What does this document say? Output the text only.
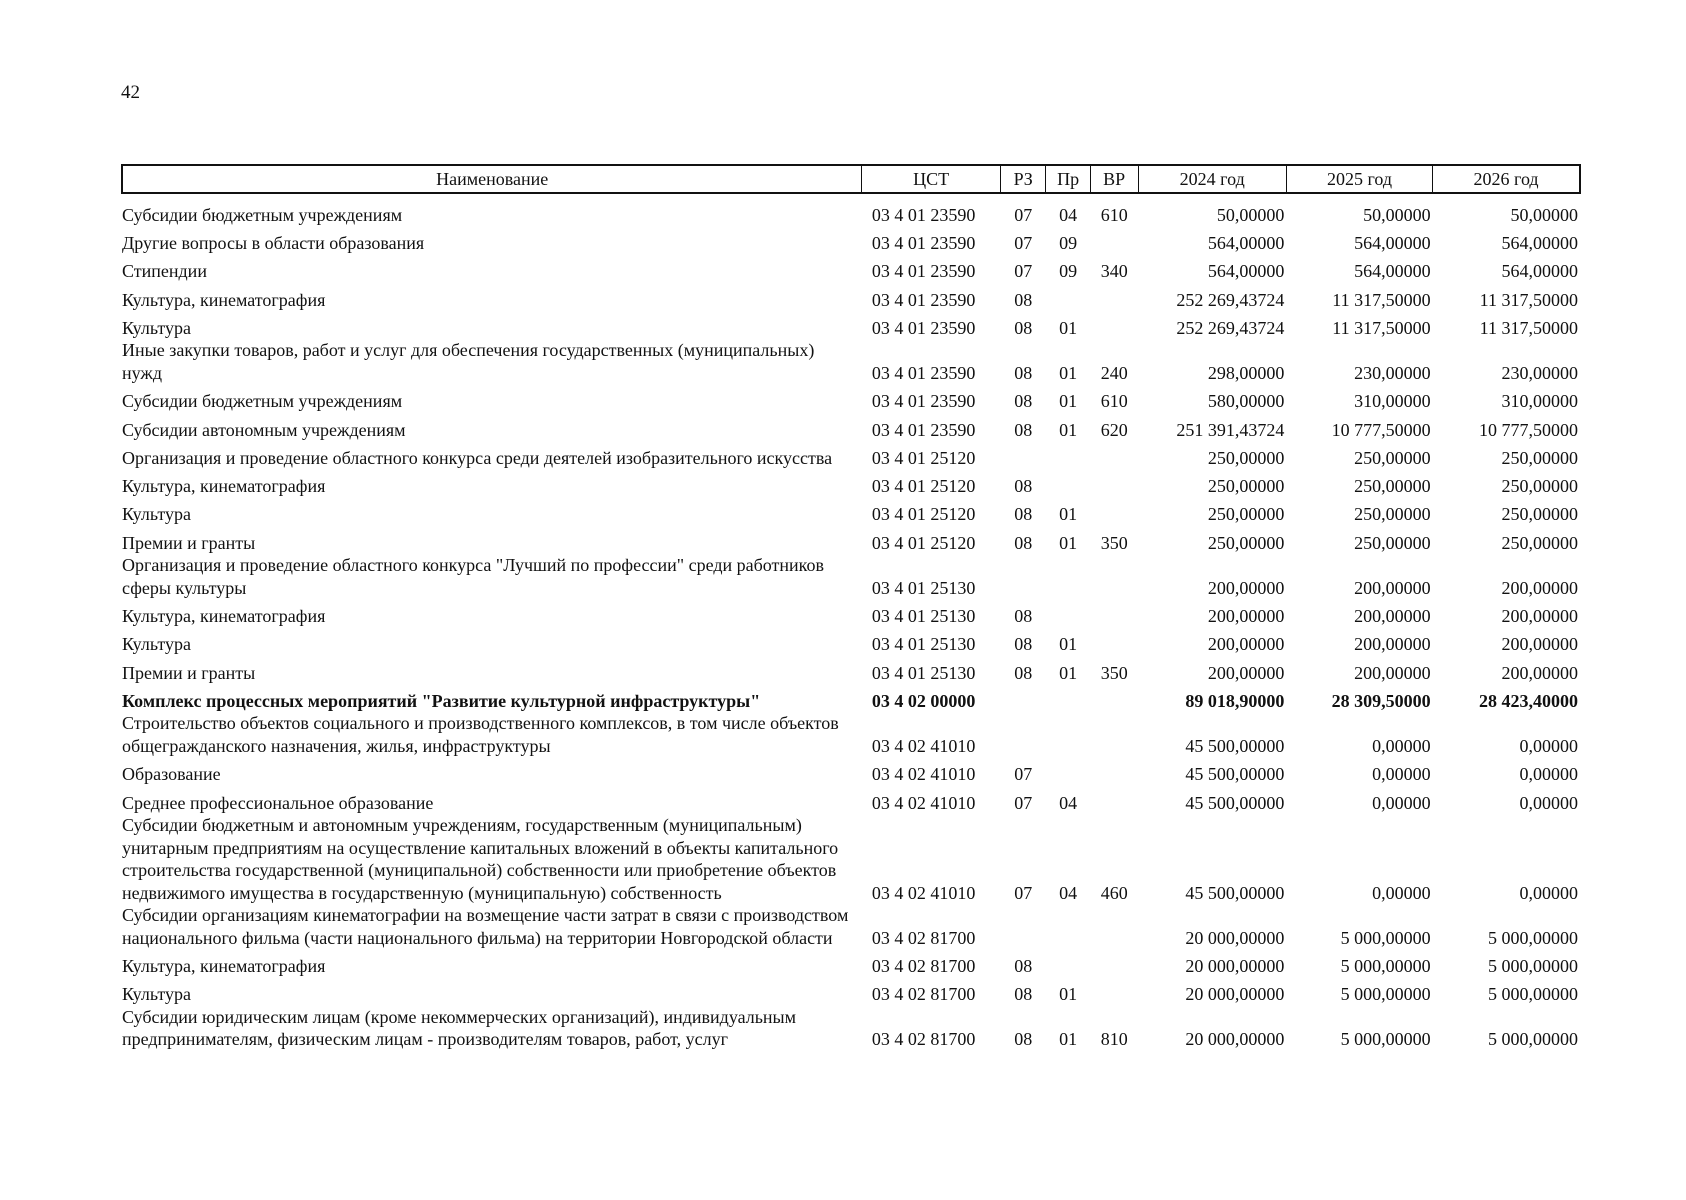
42
Наименование	ЦСТ	РЗ	Пр	ВР	2024 год	2025 год	2026 год
Субсидии бюджетным учреждениям	03 4 01 23590	07	04	610	50,00000	50,00000	50,00000
Другие вопросы в области образования	03 4 01 23590	07	09		564,00000	564,00000	564,00000
Стипендии	03 4 01 23590	07	09	340	564,00000	564,00000	564,00000
Культура, кинематография	03 4 01 23590	08			252 269,43724	11 317,50000	11 317,50000
Культура	03 4 01 23590	08	01		252 269,43724	11 317,50000	11 317,50000
Иные закупки товаров, работ и услуг для обеспечения государственных (муниципальных) нужд	03 4 01 23590	08	01	240	298,00000	230,00000	230,00000
Субсидии бюджетным учреждениям	03 4 01 23590	08	01	610	580,00000	310,00000	310,00000
Субсидии автономным учреждениям	03 4 01 23590	08	01	620	251 391,43724	10 777,50000	10 777,50000
Организация и проведение областного конкурса среди деятелей изобразительного искусства	03 4 01 25120				250,00000	250,00000	250,00000
Культура, кинематография	03 4 01 25120	08			250,00000	250,00000	250,00000
Культура	03 4 01 25120	08	01		250,00000	250,00000	250,00000
Премии и гранты	03 4 01 25120	08	01	350	250,00000	250,00000	250,00000
Организация и проведение областного конкурса "Лучший по профессии" среди работников сферы культуры	03 4 01 25130				200,00000	200,00000	200,00000
Культура, кинематография	03 4 01 25130	08			200,00000	200,00000	200,00000
Культура	03 4 01 25130	08	01		200,00000	200,00000	200,00000
Премии и гранты	03 4 01 25130	08	01	350	200,00000	200,00000	200,00000
Комплекс процессных мероприятий "Развитие культурной инфраструктуры"	03 4 02 00000				89 018,90000	28 309,50000	28 423,40000
Строительство объектов социального и производственного комплексов, в том числе объектов общегражданского назначения, жилья, инфраструктуры	03 4 02 41010				45 500,00000	0,00000	0,00000
Образование	03 4 02 41010	07			45 500,00000	0,00000	0,00000
Среднее профессиональное образование	03 4 02 41010	07	04		45 500,00000	0,00000	0,00000
Субсидии бюджетным и автономным учреждениям, государственным (муниципальным) унитарным предприятиям на осуществление капитальных вложений в объекты капитального строительства государственной (муниципальной) собственности или приобретение объектов недвижимого имущества в государственную (муниципальную) собственность	03 4 02 41010	07	04	460	45 500,00000	0,00000	0,00000
Субсидии организациям кинематографии на возмещение части затрат в связи с производством национального фильма (части национального фильма) на территории Новгородской области	03 4 02 81700				20 000,00000	5 000,00000	5 000,00000
Культура, кинематография	03 4 02 81700	08			20 000,00000	5 000,00000	5 000,00000
Культура	03 4 02 81700	08	01		20 000,00000	5 000,00000	5 000,00000
Субсидии юридическим лицам (кроме некоммерческих организаций), индивидуальным предпринимателям, физическим лицам - производителям товаров, работ, услуг	03 4 02 81700	08	01	810	20 000,00000	5 000,00000	5 000,00000
